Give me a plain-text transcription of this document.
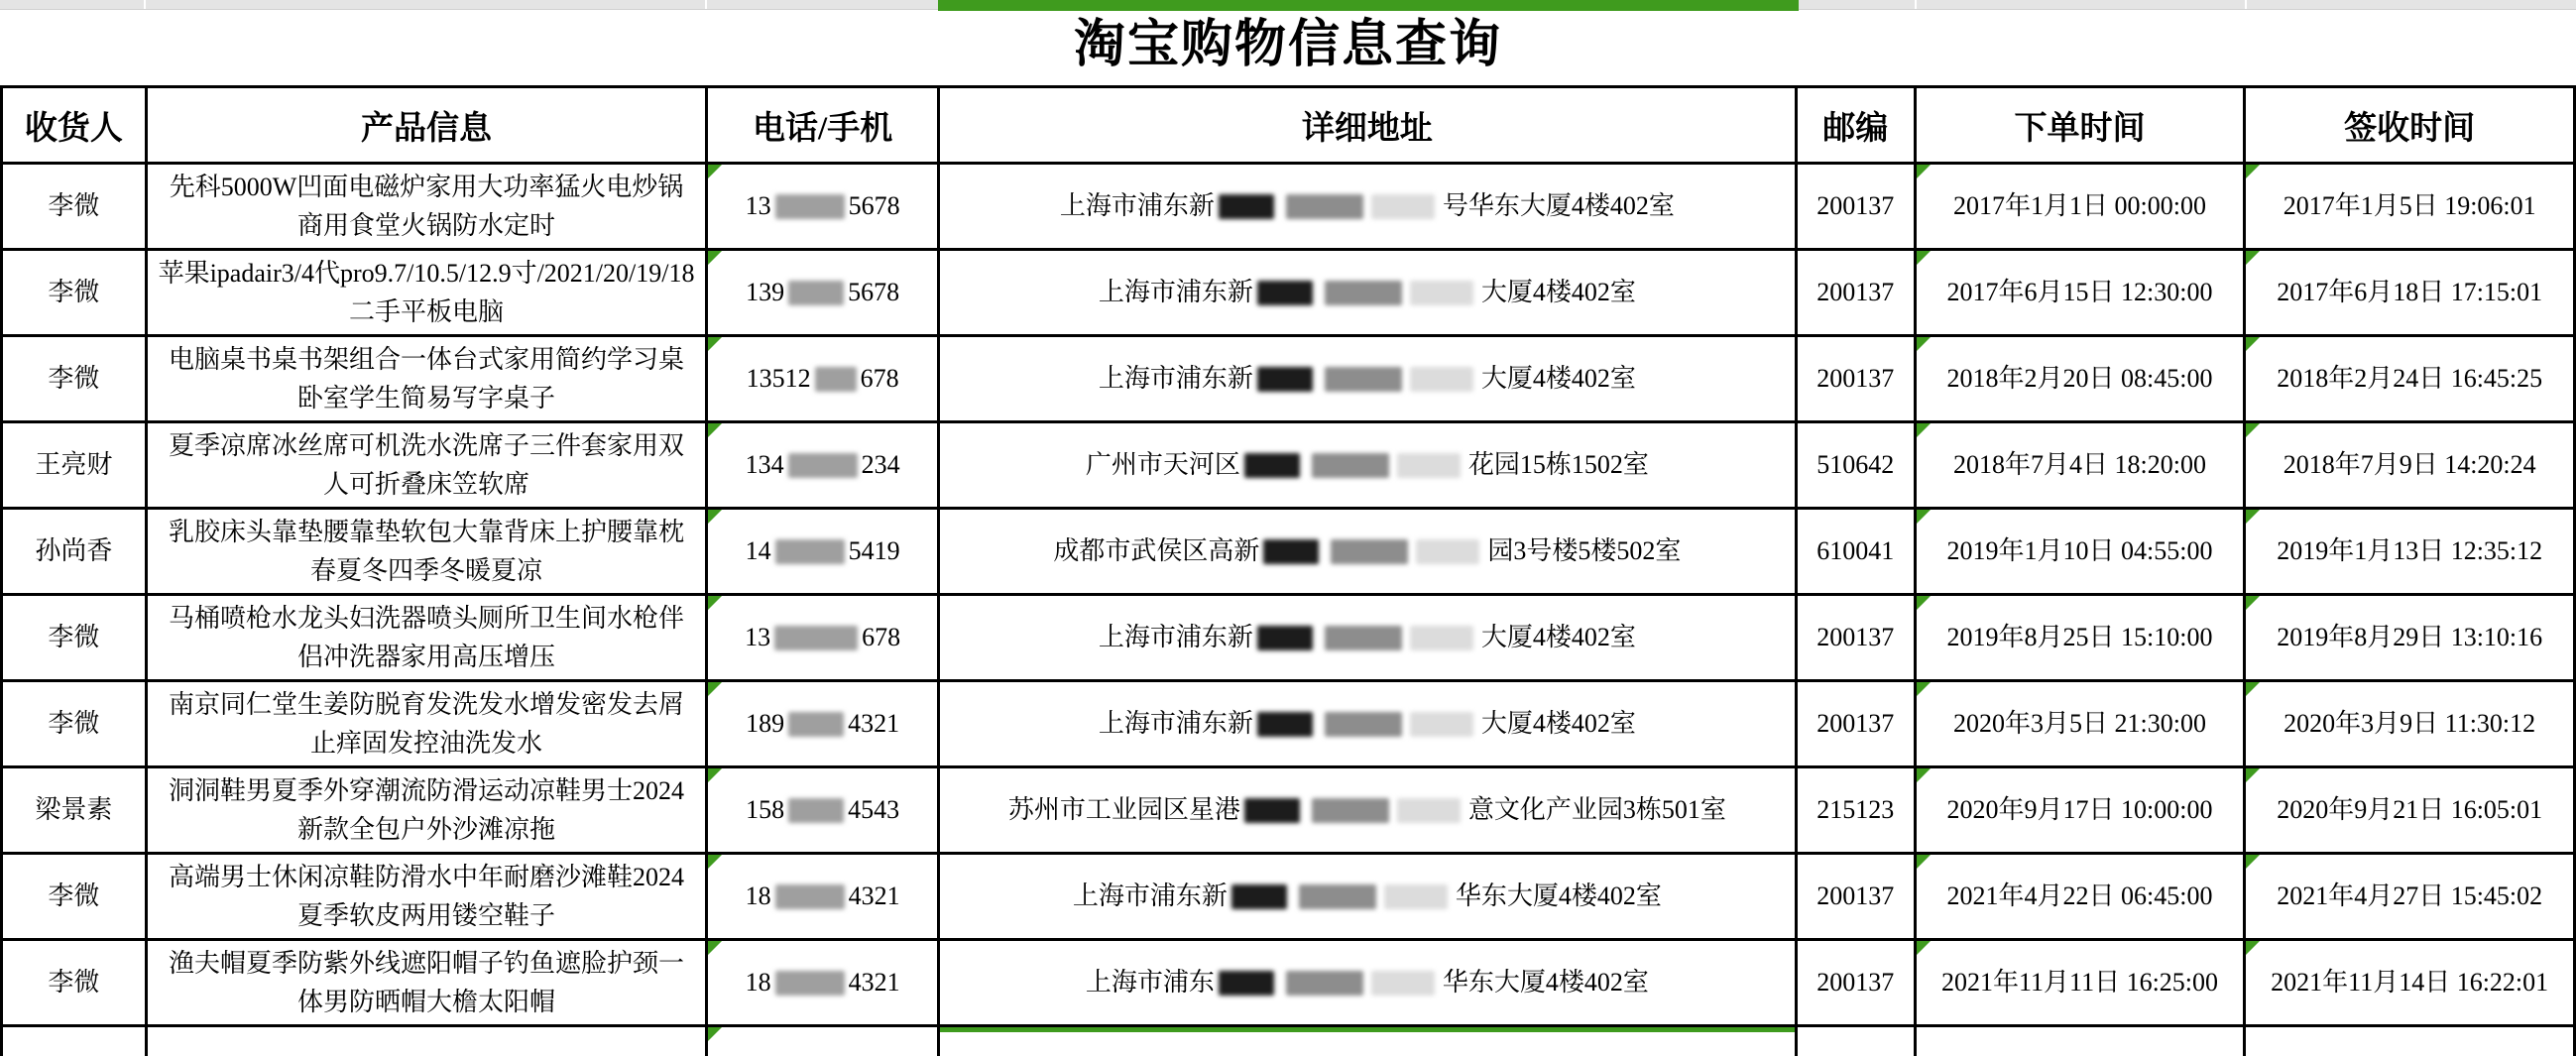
淘宝购物信息查询
收货人	产品信息	电话/手机	详细地址	邮编	下单时间	签收时间
李微	先科5000W凹面电磁炉家用大功率猛火电炒锅商用食堂火锅防水定时	13 5678	上海市浦东新 号华东大厦4楼402室	200137	2017年1月1日 00:00:00	2017年1月5日 19:06:01
李微	苹果ipadair3/4代pro9.7/10.5/12.9寸/2021/20/19/18二手平板电脑	139 5678	上海市浦东新 大厦4楼402室	200137	2017年6月15日 12:30:00	2017年6月18日 17:15:01
李微	电脑桌书桌书架组合一体台式家用简约学习桌卧室学生简易写字桌子	13512 678	上海市浦东新 大厦4楼402室	200137	2018年2月20日 08:45:00	2018年2月24日 16:45:25
王亮财	夏季凉席冰丝席可机洗水洗席子三件套家用双人可折叠床笠软席	134 234	广州市天河区 花园15栋1502室	510642	2018年7月4日 18:20:00	2018年7月9日 14:20:24
孙尚香	乳胶床头靠垫腰靠垫软包大靠背床上护腰靠枕春夏冬四季冬暖夏凉	14 5419	成都市武侯区高新 园3号楼5楼502室	610041	2019年1月10日 04:55:00	2019年1月13日 12:35:12
李微	马桶喷枪水龙头妇洗器喷头厕所卫生间水枪伴侣冲洗器家用高压增压	13 678	上海市浦东新 大厦4楼402室	200137	2019年8月25日 15:10:00	2019年8月29日 13:10:16
李微	南京同仁堂生姜防脱育发洗发水增发密发去屑止痒固发控油洗发水	189 4321	上海市浦东新 大厦4楼402室	200137	2020年3月5日 21:30:00	2020年3月9日 11:30:12
梁景素	洞洞鞋男夏季外穿潮流防滑运动凉鞋男士2024新款全包户外沙滩凉拖	158 4543	苏州市工业园区星港 意文化产业园3栋501室	215123	2020年9月17日 10:00:00	2020年9月21日 16:05:01
李微	高端男士休闲凉鞋防滑水中年耐磨沙滩鞋2024夏季软皮两用镂空鞋子	18 4321	上海市浦东新 华东大厦4楼402室	200137	2021年4月22日 06:45:00	2021年4月27日 15:45:02
李微	渔夫帽夏季防紫外线遮阳帽子钓鱼遮脸护颈一体男防晒帽大檐太阳帽	18 4321	上海市浦东 华东大厦4楼402室	200137	2021年11月11日 16:25:00	2021年11月14日 16:22:01
